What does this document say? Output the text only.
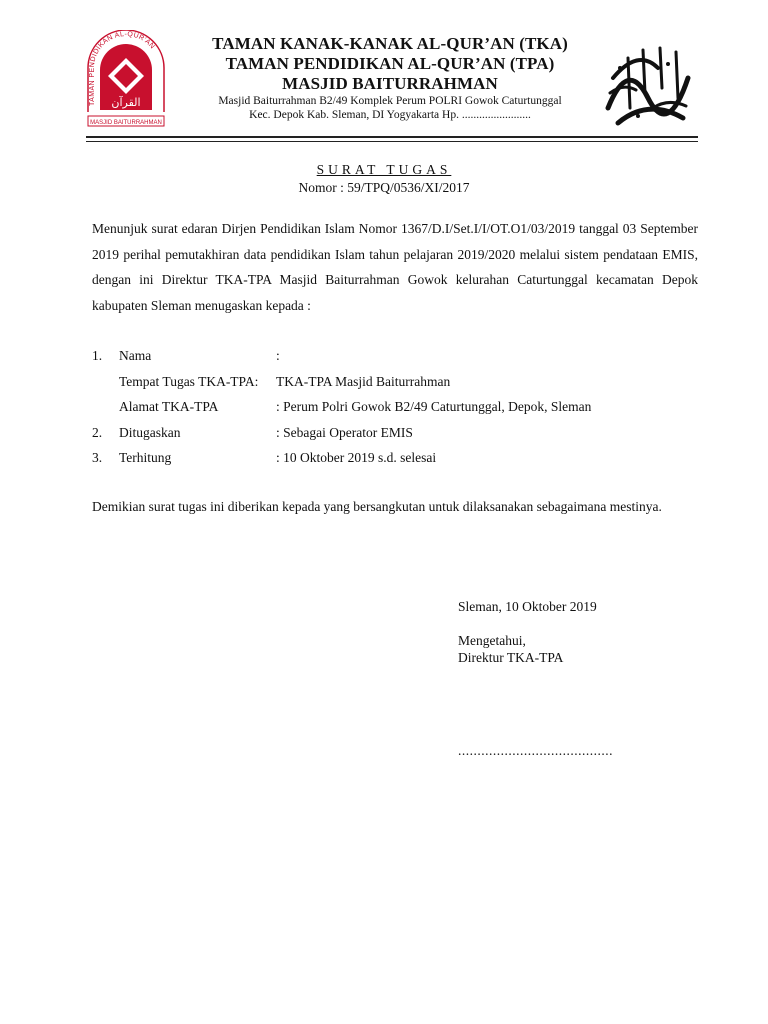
القرآن
TAMAN PENDIDIKAN AL-QUR'AN
MASJID BAITURRAHMAN
TAMAN KANAK-KANAK AL-QUR’AN (TKA)
TAMAN PENDIDIKAN AL-QUR’AN (TPA)
MASJID BAITURRAHMAN
Masjid Baiturrahman B2/49 Komplek Perum POLRI Gowok Caturtunggal
Kec. Depok Kab. Sleman, DI Yogyakarta Hp. ........................
SURAT TUGAS
Nomor : 59/TPQ/0536/XI/2017
Menunjuk surat edaran Dirjen Pendidikan Islam Nomor 1367/D.I/Set.I/I/OT.O1/03/2019 tanggal 03 September 2019 perihal pemutakhiran data pendidikan Islam tahun pelajaran 2019/2020 melalui sistem pendataan EMIS, dengan ini Direktur TKA-TPA Masjid Baiturrahman Gowok kelurahan Caturtunggal kecamatan Depok kabupaten Sleman menugaskan kepada :
1. Nama	:
Tempat Tugas TKA-TPA: TKA-TPA Masjid Baiturrahman
Alamat TKA-TPA	: Perum Polri Gowok B2/49 Caturtunggal, Depok, Sleman
2. Ditugaskan	: Sebagai Operator EMIS
3. Terhitung	: 10 Oktober 2019 s.d. selesai
Demikian surat tugas ini diberikan kepada yang bersangkutan untuk dilaksanakan sebagaimana mestinya.
Sleman, 10 Oktober 2019
Mengetahui,
Direktur TKA-TPA
........................................
